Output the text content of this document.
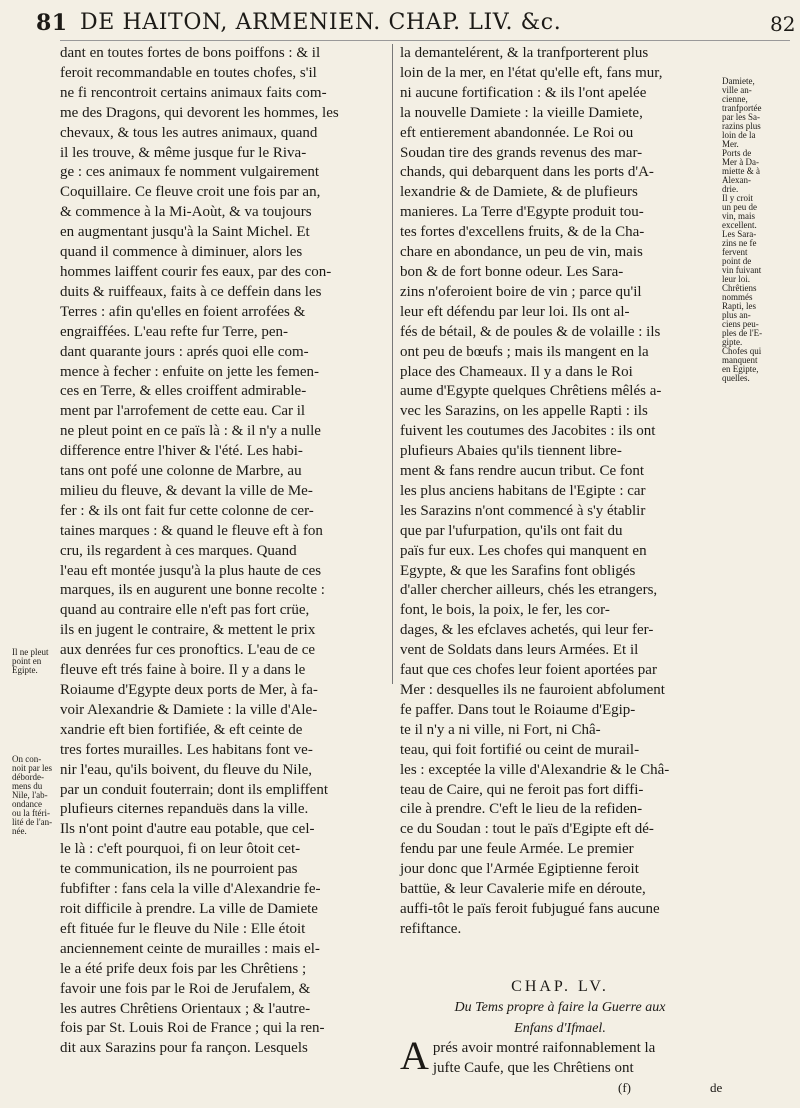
81 DE HAITON, ARMENIEN. CHAP. LIV. &c.	82

dant en toutes fortes de bons poiffons : & il

feroit recommandable en toutes chofes, s'il

ne fi rencontroit certains animaux faits com-

me des Dragons, qui devorent les hommes, les

chevaux, & tous les autres animaux, quand

il les trouve, & même jusque fur le Riva-

ge : ces animaux fe nomment vulgairement

Coquillaire. Ce fleuve croit une fois par an,

& commence à la Mi-Aoùt, & va toujours

en augmentant jusqu'à la Saint Michel. Et

quand il commence à diminuer, alors les

hommes laiffent courir fes eaux, par des con-

duits & ruiffeaux, faits à ce deffein dans les

Terres : afin qu'elles en foient arrofées &

engraiffées. L'eau refte fur Terre, pen-

dant quarante jours : aprés quoi elle com-

mence à fecher : enfuite on jette les femen-

ces en Terre, & elles croiffent admirable-

ment par l'arrofement de cette eau. Car il

ne pleut point en ce païs là : & il n'y a nulle

difference entre l'hiver & l'été. Les habi-

tans ont pofé une colonne de Marbre, au

milieu du fleuve, & devant la ville de Me-

fer : & ils ont fait fur cette colonne de cer-

taines marques : & quand le fleuve eft à fon

cru, ils regardent à ces marques. Quand

l'eau eft montée jusqu'à la plus haute de ces

marques, ils en augurent une bonne recolte :

quand au contraire elle n'eft pas fort crüe,

ils en jugent le contraire, & mettent le prix

aux denrées fur ces pronoftics. L'eau de ce

fleuve eft trés faine à boire. Il y a dans le

Roiaume d'Egypte deux ports de Mer, à fa-

voir Alexandrie & Damiete : la ville d'Ale-

xandrie eft bien fortifiée, & eft ceinte de

tres fortes murailles. Les habitans font ve-

nir l'eau, qu'ils boivent, du fleuve du Nile,

par un conduit fouterrain; dont ils empliffent

plufieurs citernes repanduës dans la ville.

Ils n'ont point d'autre eau potable, que cel-

le là : c'eft pourquoi, fi on leur ôtoit cet-

te communication, ils ne pourroient pas

fubfifter : fans cela la ville d'Alexandrie fe-

roit difficile à prendre. La ville de Damiete

eft fituée fur le fleuve du Nile : Elle étoit

anciennement ceinte de murailles : mais el-

le a été prife deux fois par les Chrêtiens ;

favoir une fois par le Roi de Jerufalem, &

les autres Chrêtiens Orientaux ; & l'autre-

fois par St. Louis Roi de France ; qui la ren-

dit aux Sarazins pour fa rançon. Lesquels

la demantelérent, & la tranfporterent plus

loin de la mer, en l'état qu'elle eft, fans mur,

ni aucune fortification : & ils l'ont apelée

la nouvelle Damiete : la vieille Damiete,

eft entierement abandonnée. Le Roi ou

Soudan tire des grands revenus des mar-

chands, qui debarquent dans les ports d'A-

lexandrie & de Damiete, & de plufieurs

manieres. La Terre d'Egypte produit tou-

tes fortes d'excellens fruits, & de la Cha-

chare en abondance, un peu de vin, mais

bon & de fort bonne odeur. Les Sara-

zins n'oferoient boire de vin ; parce qu'il

leur eft défendu par leur loi. Ils ont al-

fés de bétail, & de poules & de volaille : ils

ont peu de bœufs ; mais ils mangent en la

place des Chameaux. Il y a dans le Roi

aume d'Egypte quelques Chrêtiens mêlés a-

vec les Sarazins, on les appelle Rapti : ils

fuivent les coutumes des Jacobites : ils ont

plufieurs Abaies qu'ils tiennent libre-

ment & fans rendre aucun tribut. Ce font

les plus anciens habitans de l'Egipte : car

les Sarazins n'ont commencé à s'y établir

que par l'ufurpation, qu'ils ont fait du

païs fur eux. Les chofes qui manquent en

Egypte, & que les Sarafins font obligés

d'aller chercher ailleurs, chés les etrangers,

font, le bois, la poix, le fer, les cor-

dages, & les efclaves achetés, qui leur fer-

vent de Soldats dans leurs Armées. Et il

faut que ces chofes leur foient aportées par

Mer : desquelles ils ne fauroient abfolument

fe paffer. Dans tout le Roiaume d'Egip-

te il n'y a ni ville, ni Fort, ni Châ-

teau, qui foit fortifié ou ceint de murail-

les : exceptée la ville d'Alexandrie & le Châ-

teau de Caire, qui ne feroit pas fort diffi-

cile à prendre. C'eft le lieu de la refiden-

ce du Soudan : tout le païs d'Egipte eft dé-

fendu par une feule Armée. Le premier

jour donc que l'Armée Egiptienne feroit

battüe, & leur Cavalerie mife en déroute,

auffi-tôt le païs feroit fubjugué fans aucune

refiftance.

Il ne pleut
point en
Egipte.
On con-
noit par les
déborde-
mens du
Nile, l'ab-
ondance
ou la ftéri-
lité de l'an-
née.
Damiete,
ville an-
cienne,
tranfportée
par les Sa-
razins plus
loin de la
Mer.
Ports de
Mer à Da-
miette & à
Alexan-
drie.
Il y croit
un peu de
vin, mais
excellent.
Les Sara-
zins ne fe
fervent
point de
vin fuivant
leur loi.
Chrêtiens
nommés
Rapti, les
plus an-
ciens peu-
ples de l'E-
gipte.
Chofes qui
manquent
en Egipte,
quelles.
CHAP. LV.
Du Tems propre à faire la Guerre aux
Enfans d'Ifmael.
A prés avoir montré raifonnablement la

jufte Caufe, que les Chrêtiens ont

(f)	de
